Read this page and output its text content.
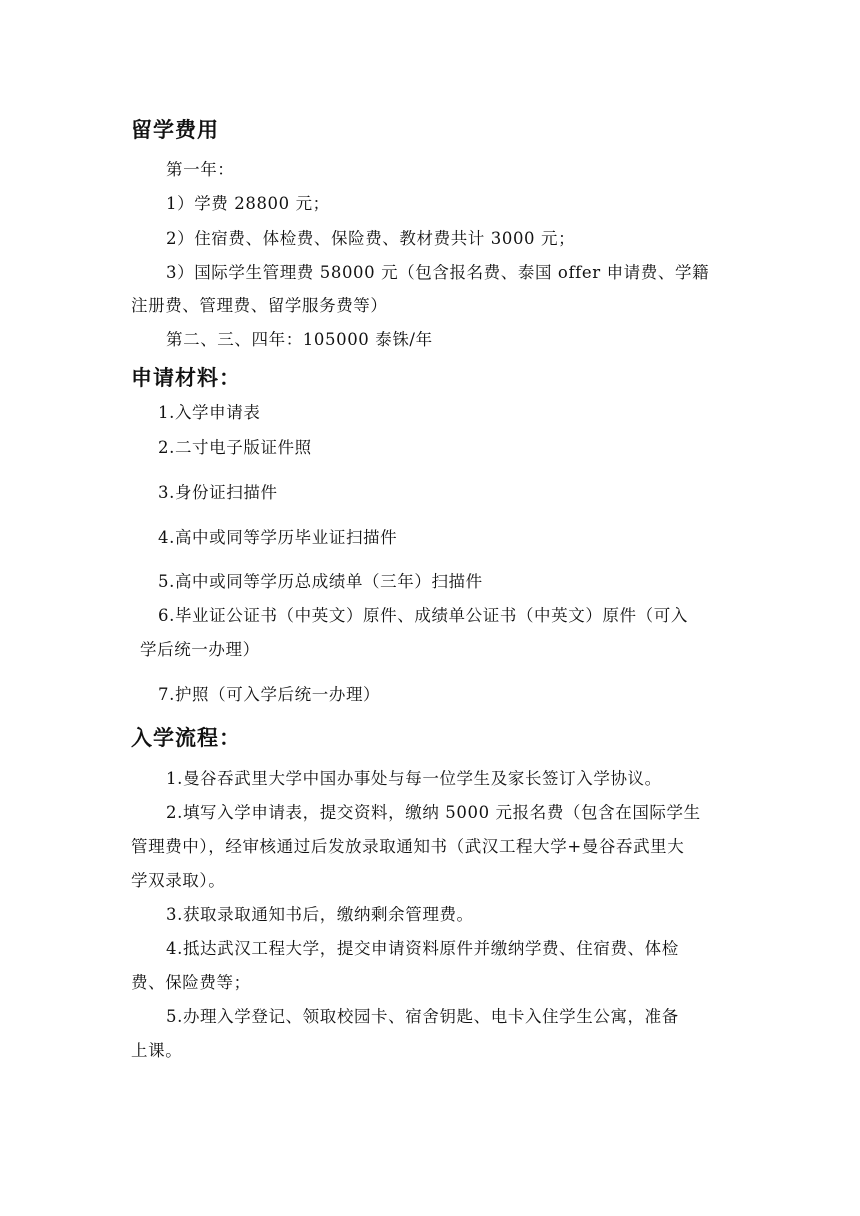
留学费用
第一年：
1）学费 28800 元；
2）住宿费、体检费、保险费、教材费共计 3000 元；
3）国际学生管理费 58000 元（包含报名费、泰国 offer 申请费、学籍
注册费、管理费、留学服务费等）
第二、三、四年：105000 泰铢/年
申请材料：
1.入学申请表
2.二寸电子版证件照
3.身份证扫描件
4.高中或同等学历毕业证扫描件
5.高中或同等学历总成绩单（三年）扫描件
6.毕业证公证书（中英文）原件、成绩单公证书（中英文）原件（可入
学后统一办理）
7.护照（可入学后统一办理）
入学流程：
1.曼谷吞武里大学中国办事处与每一位学生及家长签订入学协议。
2.填写入学申请表，提交资料，缴纳 5000 元报名费（包含在国际学生
管理费中），经审核通过后发放录取通知书（武汉工程大学+曼谷吞武里大
学双录取）。
3.获取录取通知书后，缴纳剩余管理费。
4.抵达武汉工程大学，提交申请资料原件并缴纳学费、住宿费、体检
费、保险费等；
5.办理入学登记、领取校园卡、宿舍钥匙、电卡入住学生公寓，准备
上课。
